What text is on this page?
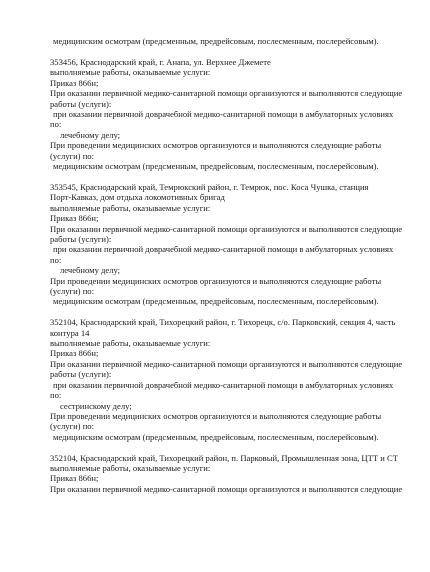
медицинским осмотрам (предсменным, предрейсовым, послесменным, послерейсовым).
353456, Краснодарский край, г. Анапа, ул. Верхнее Джемете
выполняемые работы, оказываемые услуги:
Приказ 866н;
При оказании первичной медико-санитарной помощи организуются и выполняются следующие
работы (услуги):
при оказании первичной доврачебной медико-санитарной помощи в амбулаторных условиях
по:
лечебному делу;
При проведении медицинских осмотров организуются и выполняются следующие работы
(услуги) по:
медицинским осмотрам (предсменным, предрейсовым, послесменным, послерейсовым).
353545, Краснодарский край, Темрюкский район, г. Темрюк, пос. Коса Чушка, станция
Порт-Кавказ, дом отдыха локомотивных бригад
выполняемые работы, оказываемые услуги:
Приказ 866н;
При оказании первичной медико-санитарной помощи организуются и выполняются следующие
работы (услуги):
при оказании первичной доврачебной медико-санитарной помощи в амбулаторных условиях
по:
лечебному делу;
При проведении медицинских осмотров организуются и выполняются следующие работы
(услуги) по:
медицинским осмотрам (предсменным, предрейсовым, послесменным, послерейсовым).
352104, Краснодарский край, Тихорецкий район, г. Тихорецк, с/о. Парковский, секция 4, часть
контура 14
выполняемые работы, оказываемые услуги:
Приказ 866н;
При оказании первичной медико-санитарной помощи организуются и выполняются следующие
работы (услуги):
при оказании первичной доврачебной медико-санитарной помощи в амбулаторных условиях
по:
сестринскому делу;
При проведении медицинских осмотров организуются и выполняются следующие работы
(услуги) по:
медицинским осмотрам (предсменным, предрейсовым, послесменным, послерейсовым).
352104, Краснодарский край, Тихорецкий район, п. Парковый, Промышленная зона, ЦТТ и СТ
выполняемые работы, оказываемые услуги:
Приказ 866н;
При оказании первичной медико-санитарной помощи организуются и выполняются следующие
